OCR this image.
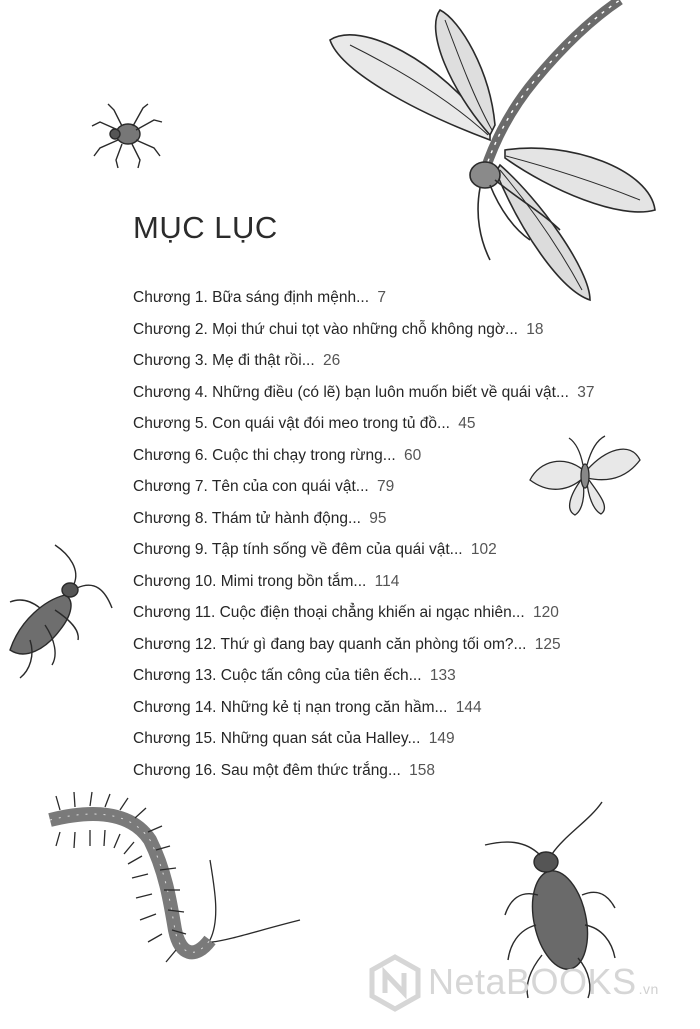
MỤC LỤC
Chương 1. Bữa sáng định mệnh... 7
Chương 2. Mọi thứ chui tọt vào những chỗ không ngờ... 18
Chương 3. Mẹ đi thật rồi... 26
Chương 4. Những điều (có lẽ) bạn luôn muốn biết về quái vật... 37
Chương 5. Con quái vật đói meo trong tủ đồ... 45
Chương 6. Cuộc thi chạy trong rừng... 60
Chương 7. Tên của con quái vật... 79
Chương 8. Thám tử hành động... 95
Chương 9. Tập tính sống về đêm của quái vật... 102
Chương 10. Mimi trong bồn tắm... 114
Chương 11. Cuộc điện thoại chẳng khiến ai ngạc nhiên... 120
Chương 12. Thứ gì đang bay quanh căn phòng tối om?... 125
Chương 13. Cuộc tấn công của tiên ếch... 133
Chương 14. Những kẻ tị nạn trong căn hầm... 144
Chương 15. Những quan sát của Halley... 149
Chương 16. Sau một đêm thức trắng... 158
NetaBOOKS .vn
